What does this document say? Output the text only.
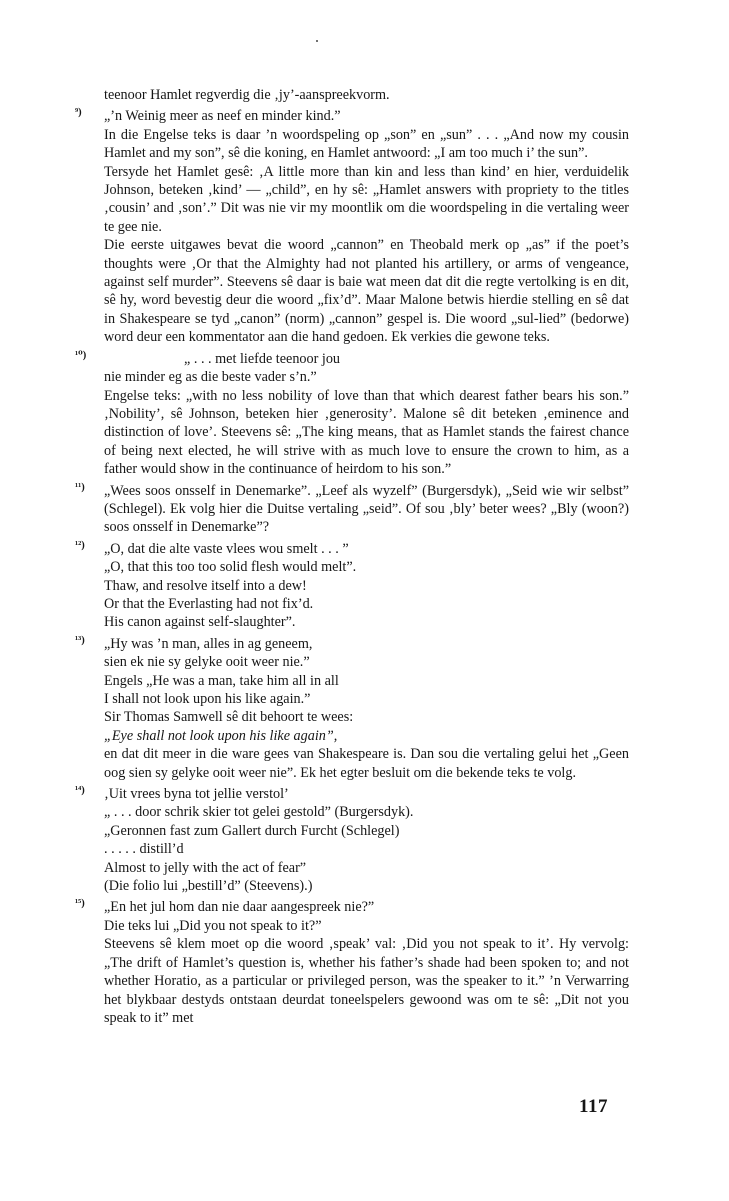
teenoor Hamlet regverdig die ‚jy’-aanspreekvorm.

⁹) „’n Weinig meer as neef en minder kind.”

In die Engelse teks is daar ’n woordspeling op „son” en „sun” . . . „And now my cousin Hamlet and my son”, sê die koning, en Hamlet antwoord: „I am too much i’ the sun”.

Tersyde het Hamlet gesê: ‚A little more than kin and less than kind’ en hier, verduidelik Johnson, beteken ‚kind’ — „child”, en hy sê: „Hamlet answers with propriety to the titles ‚cousin’ and ‚son’.” Dit was nie vir my moontlik om die woordspeling in die vertaling weer te gee nie.

Die eerste uitgawes bevat die woord „cannon” en Theobald merk op „as” if the poet’s thoughts were ‚Or that the Almighty had not planted his artillery, or arms of vengeance, against self murder”. Steevens sê daar is baie wat meen dat dit die regte vertolking is en dit, sê hy, word bevestig deur die woord „fix’d”. Maar Malone betwis hierdie stelling en sê dat in Shakespeare se tyd „canon” (norm) „cannon” gespel is. Die woord „sul-lied” (bedorwe) word deur een kommentator aan die hand gedoen. Ek verkies die gewone teks.

¹⁰)	„ . . . met liefde teenoor jou

nie minder eg as die beste vader s’n.”

Engelse teks: „with no less nobility of love than that which dearest father bears his son.” ‚Nobility’, sê Johnson, beteken hier ‚generosity’. Malone sê dit beteken ‚eminence and distinction of love’. Steevens sê: „The king means, that as Hamlet stands the fairest chance of being next elected, he will strive with as much love to ensure the crown to him, as a father would show in the continuance of heirdom to his son.”

¹¹) „Wees soos onsself in Denemarke”. „Leef als wyzelf” (Burgersdyk), „Seid wie wir selbst” (Schlegel). Ek volg hier die Duitse vertaling „seid”. Of sou ‚bly’ beter wees? „Bly (woon?) soos onsself in Denemarke”?

¹²) „O, dat die alte vaste vlees wou smelt . . . ”

„O, that this too too solid flesh would melt”.

Thaw, and resolve itself into a dew!

Or that the Everlasting had not fix’d.

His canon against self-slaughter”.

¹³) „Hy was ’n man, alles in ag geneem,

sien ek nie sy gelyke ooit weer nie.”

Engels „He was a man, take him all in all

I shall not look upon his like again.”

Sir Thomas Samwell sê dit behoort te wees:

„Eye shall not look upon his like again”,

en dat dit meer in die ware gees van Shakespeare is. Dan sou die vertaling gelui het „Geen oog sien sy gelyke ooit weer nie”. Ek het egter besluit om die bekende teks te volg.

¹⁴) ‚Uit vrees byna tot jellie verstol’

„ . . . door schrik skier tot gelei gestold” (Burgersdyk).

„Geronnen fast zum Gallert durch Furcht (Schlegel)

. . . . . distill’d

Almost to jelly with the act of fear”

(Die folio lui „bestill’d” (Steevens).)

¹⁵) „En het jul hom dan nie daar aangespreek nie?”

Die teks lui „Did you not speak to it?”

Steevens sê klem moet op die woord ‚speak’ val: ‚Did you not speak to it’. Hy vervolg: „The drift of Hamlet’s question is, whether his father’s shade had been spoken to; and not whether Horatio, as a particular or privileged person, was the speaker to it.” ’n Verwarring het blykbaar destyds ontstaan deurdat toneelspelers gewoond was om te sê: „Dit not you speak to it” met

117
